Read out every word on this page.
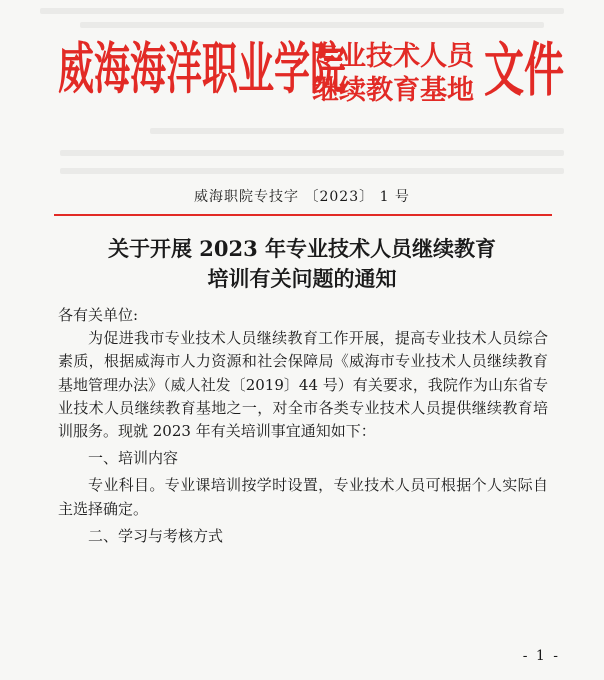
威海海洋职业学院
专业技术人员
继续教育基地 文件
威海职院专技字 〔2023〕 1 号
关于开展 2023 年专业技术人员继续教育
培训有关问题的通知

各有关单位:

为促进我市专业技术人员继续教育工作开展，提高专业技术人员综合素质，根据威海市人力资源和社会保障局《威海市专业技术人员继续教育基地管理办法》（威人社发〔2019〕44 号）有关要求，我院作为山东省专业技术人员继续教育基地之一，对全市各类专业技术人员提供继续教育培训服务。现就 2023 年有关培训事宜通知如下：

一、培训内容

专业科目。专业课培训按学时设置，专业技术人员可根据个人实际自主选择确定。

二、学习与考核方式

- 1 -
